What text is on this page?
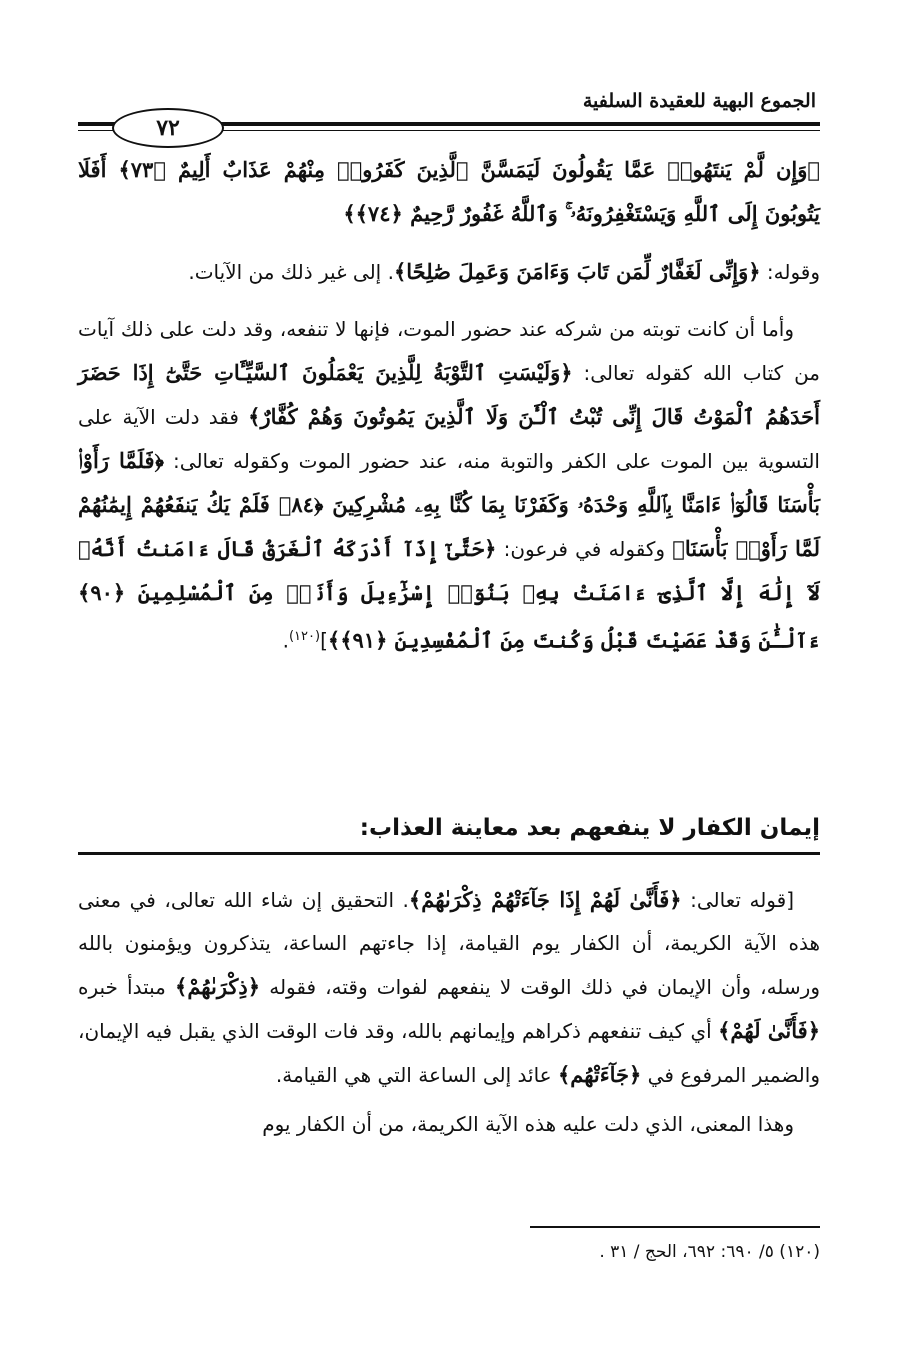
الجموع البهية للعقيدة السلفية
٧٢

﴿وَإِن لَّمْ يَنتَهُوا۟ عَمَّا يَقُولُونَ لَيَمَسَّنَّ ٱلَّذِينَ كَفَرُوا۟ مِنْهُمْ عَذَابٌ أَلِيمٌ ﴿٧٣﴾ أَفَلَا يَتُوبُونَ إِلَى ٱللَّهِ وَيَسْتَغْفِرُونَهُۥ ۚ وَٱللَّهُ غَفُورٌ رَّحِيمٌ ﴿٧٤﴾﴾

وقوله: ﴿وَإِنِّى لَغَفَّارٌ لِّمَن تَابَ وَءَامَنَ وَعَمِلَ صَٰلِحًا﴾. إلى غير ذلك من الآيات.

وأما أن كانت توبته من شركه عند حضور الموت، فإنها لا تنفعه، وقد دلت على ذلك آيات من كتاب الله كقوله تعالى: ﴿وَلَيْسَتِ ٱلتَّوْبَةُ لِلَّذِينَ يَعْمَلُونَ ٱلسَّيِّـَٔاتِ حَتَّىٰٓ إِذَا حَضَرَ أَحَدَهُمُ ٱلْمَوْتُ قَالَ إِنِّى تُبْتُ ٱلْـَٰٔنَ وَلَا ٱلَّذِينَ يَمُوتُونَ وَهُمْ كُفَّارٌ﴾ فقد دلت الآية على التسوية بين الموت على الكفر والتوبة منه، عند حضور الموت وكقوله تعالى: ﴿فَلَمَّا رَأَوْا۟ بَأْسَنَا قَالُوٓا۟ ءَامَنَّا بِٱللَّهِ وَحْدَهُۥ وَكَفَرْنَا بِمَا كُنَّا بِهِۦ مُشْرِكِينَ ﴿٨٤﴾ فَلَمْ يَكُ يَنفَعُهُمْ إِيمَٰنُهُمْ لَمَّا رَأَوْا۟ بَأْسَنَا﴾ وكقوله في فرعون: ﴿حَتَّىٰٓ إِذَآ أَدْرَكَهُ ٱلْغَرَقُ قَالَ ءَامَنتُ أَنَّهُۥ لَآ إِلَٰهَ إِلَّا ٱلَّذِىٓ ءَامَنَتْ بِهِۦ بَنُوٓا۟ إِسْرَٰٓءِيلَ وَأَنَا۠ مِنَ ٱلْمُسْلِمِينَ ﴿٩٠﴾ ءَآلْـَٰٔنَ وَقَدْ عَصَيْتَ قَبْلُ وَكُنتَ مِنَ ٱلْمُفْسِدِينَ ﴿٩١﴾﴾]$^{(١٢٠)}$.

إيمان الكفار لا ينفعهم بعد معاينة العذاب:

[قوله تعالى: ﴿فَأَنَّىٰ لَهُمْ إِذَا جَآءَتْهُمْ ذِكْرَىٰهُمْ﴾. التحقيق إن شاء الله تعالى، في معنى هذه الآية الكريمة، أن الكفار يوم القيامة، إذا جاءتهم الساعة، يتذكرون ويؤمنون بالله ورسله، وأن الإيمان في ذلك الوقت لا ينفعهم لفوات وقته، فقوله ﴿ذِكْرَىٰهُمْ﴾ مبتدأ خبره ﴿فَأَنَّىٰ لَهُمْ﴾ أي كيف تنفعهم ذكراهم وإيمانهم بالله، وقد فات الوقت الذي يقبل فيه الإيمان، والضمير المرفوع في ﴿جَآءَتْهُم﴾ عائد إلى الساعة التي هي القيامة.

وهذا المعنى، الذي دلت عليه هذه الآية الكريمة، من أن الكفار يوم

(١٢٠) ٥/ ٦٩٠: ٦٩٢، الحج / ٣١ .
